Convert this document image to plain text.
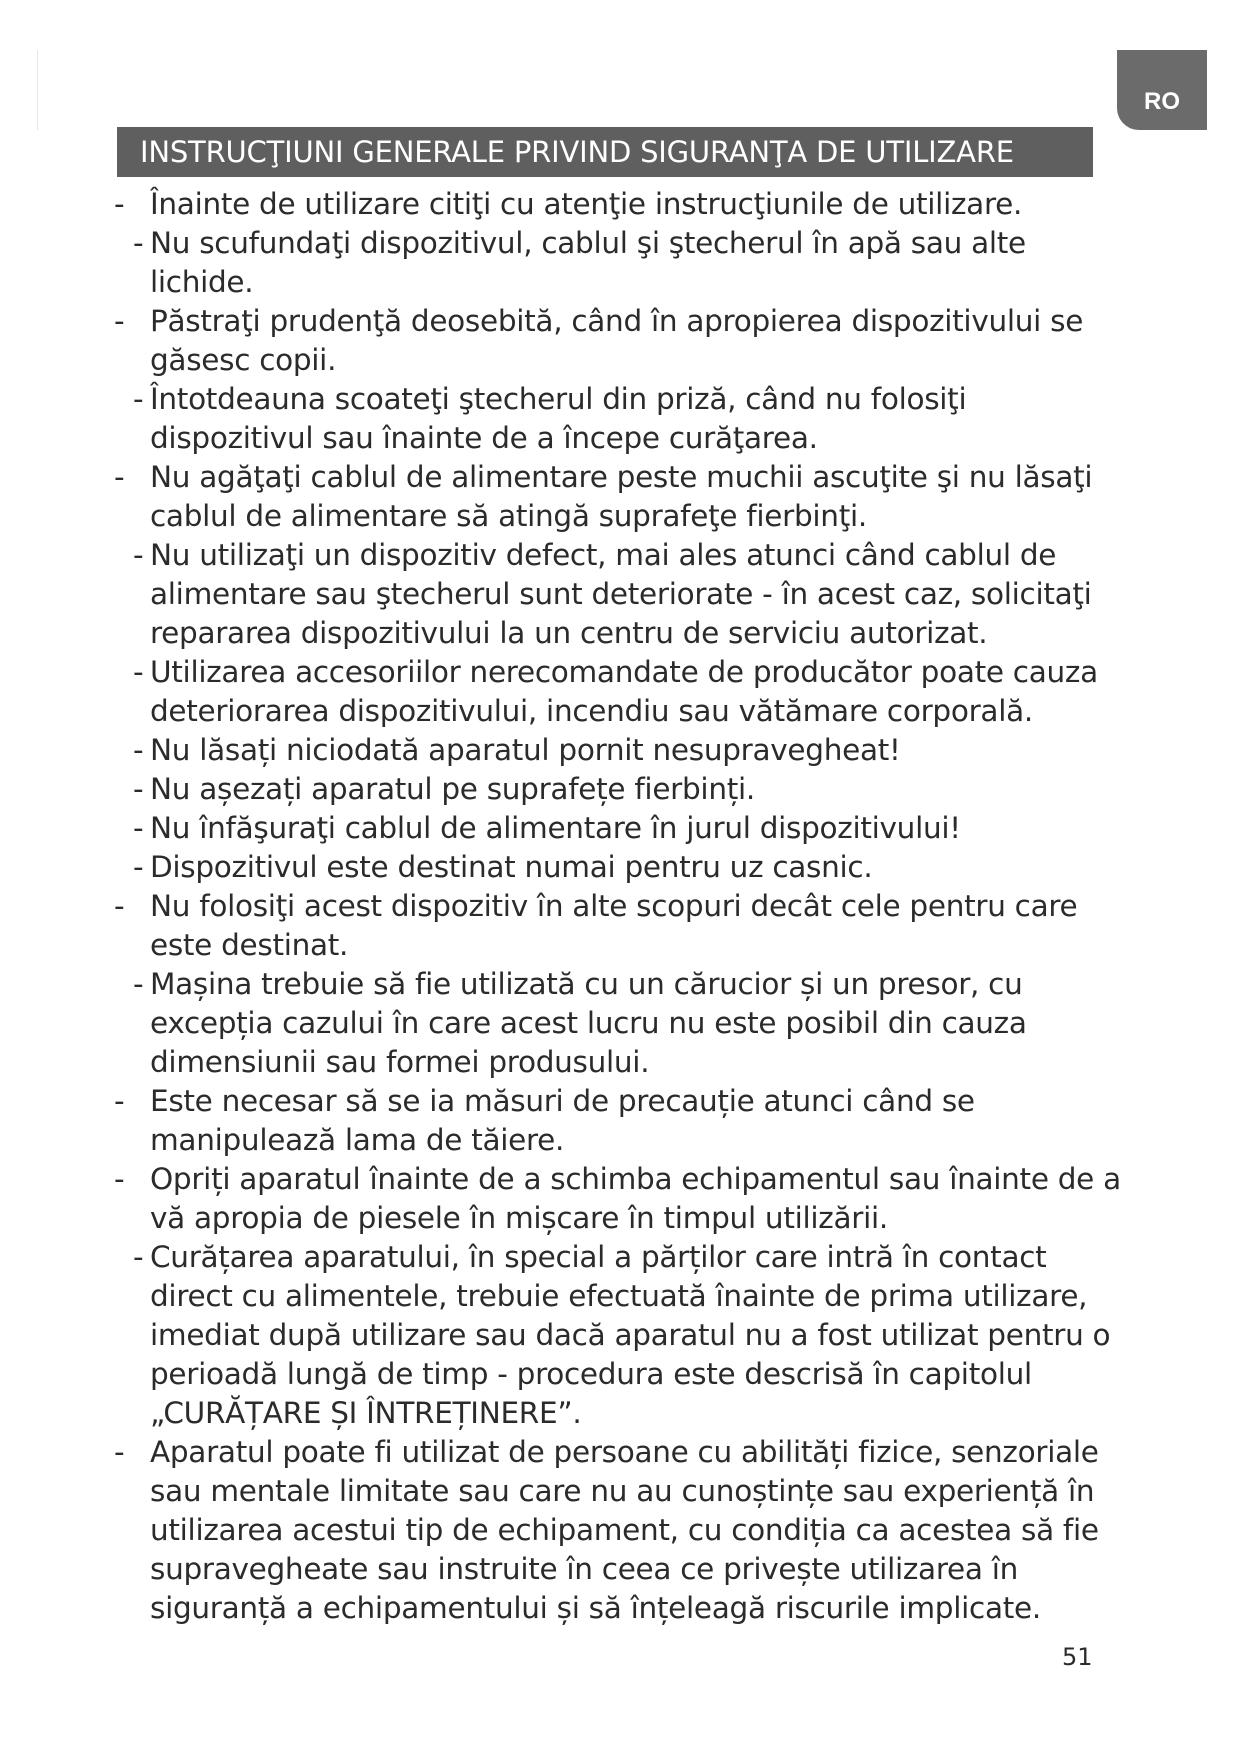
RO
INSTRUCŢIUNI GENERALE PRIVIND SIGURANŢA DE UTILIZARE
- Înainte de utilizare citiţi cu atenţie instrucţiunile de utilizare.
- Nu scufundaţi dispozitivul, cablul şi ştecherul în apă sau alte lichide.
- Păstraţi prudenţă deosebită, când în apropierea dispozitivului se găsesc copii.
- Întotdeauna scoateţi ştecherul din priză, când nu folosiţi dispozitivul sau înainte de a începe curăţarea.
- Nu agăţaţi cablul de alimentare peste muchii ascuţite şi nu lăsaţi cablul de alimentare să atingă suprafeţe fierbinţi.
- Nu utilizaţi un dispozitiv defect, mai ales atunci când cablul de alimentare sau ştecherul sunt deteriorate - în acest caz, solicitaţi repararea dispozitivului la un centru de serviciu autorizat.
- Utilizarea accesoriilor nerecomandate de producător poate cauza deteriorarea dispozitivului, incendiu sau vătămare corporală.
- Nu lăsați niciodată aparatul pornit nesupravegheat!
- Nu așezați aparatul pe suprafețe fierbinți.
- Nu înfăşuraţi cablul de alimentare în jurul dispozitivului!
- Dispozitivul este destinat numai pentru uz casnic.
- Nu folosiţi acest dispozitiv în alte scopuri decât cele pentru care este destinat.
- Mașina trebuie să fie utilizată cu un cărucior și un presor, cu excepția cazului în care acest lucru nu este posibil din cauza dimensiunii sau formei produsului.
- Este necesar să se ia măsuri de precauție atunci când se manipulează lama de tăiere.
- Opriți aparatul înainte de a schimba echipamentul sau înainte de a vă apropia de piesele în mișcare în timpul utilizării.
- Curățarea aparatului, în special a părților care intră în contact direct cu alimentele, trebuie efectuată înainte de prima utilizare, imediat după utilizare sau dacă aparatul nu a fost utilizat pentru o perioadă lungă de timp - procedura este descrisă în capitolul „CURĂȚARE ȘI ÎNTREȚINERE”.
- Aparatul poate fi utilizat de persoane cu abilități fizice, senzoriale sau mentale limitate sau care nu au cunoștințe sau experiență în utilizarea acestui tip de echipament, cu condiția ca acestea să fie supravegheate sau instruite în ceea ce privește utilizarea în siguranță a echipamentului și să înțeleagă riscurile implicate.
51
